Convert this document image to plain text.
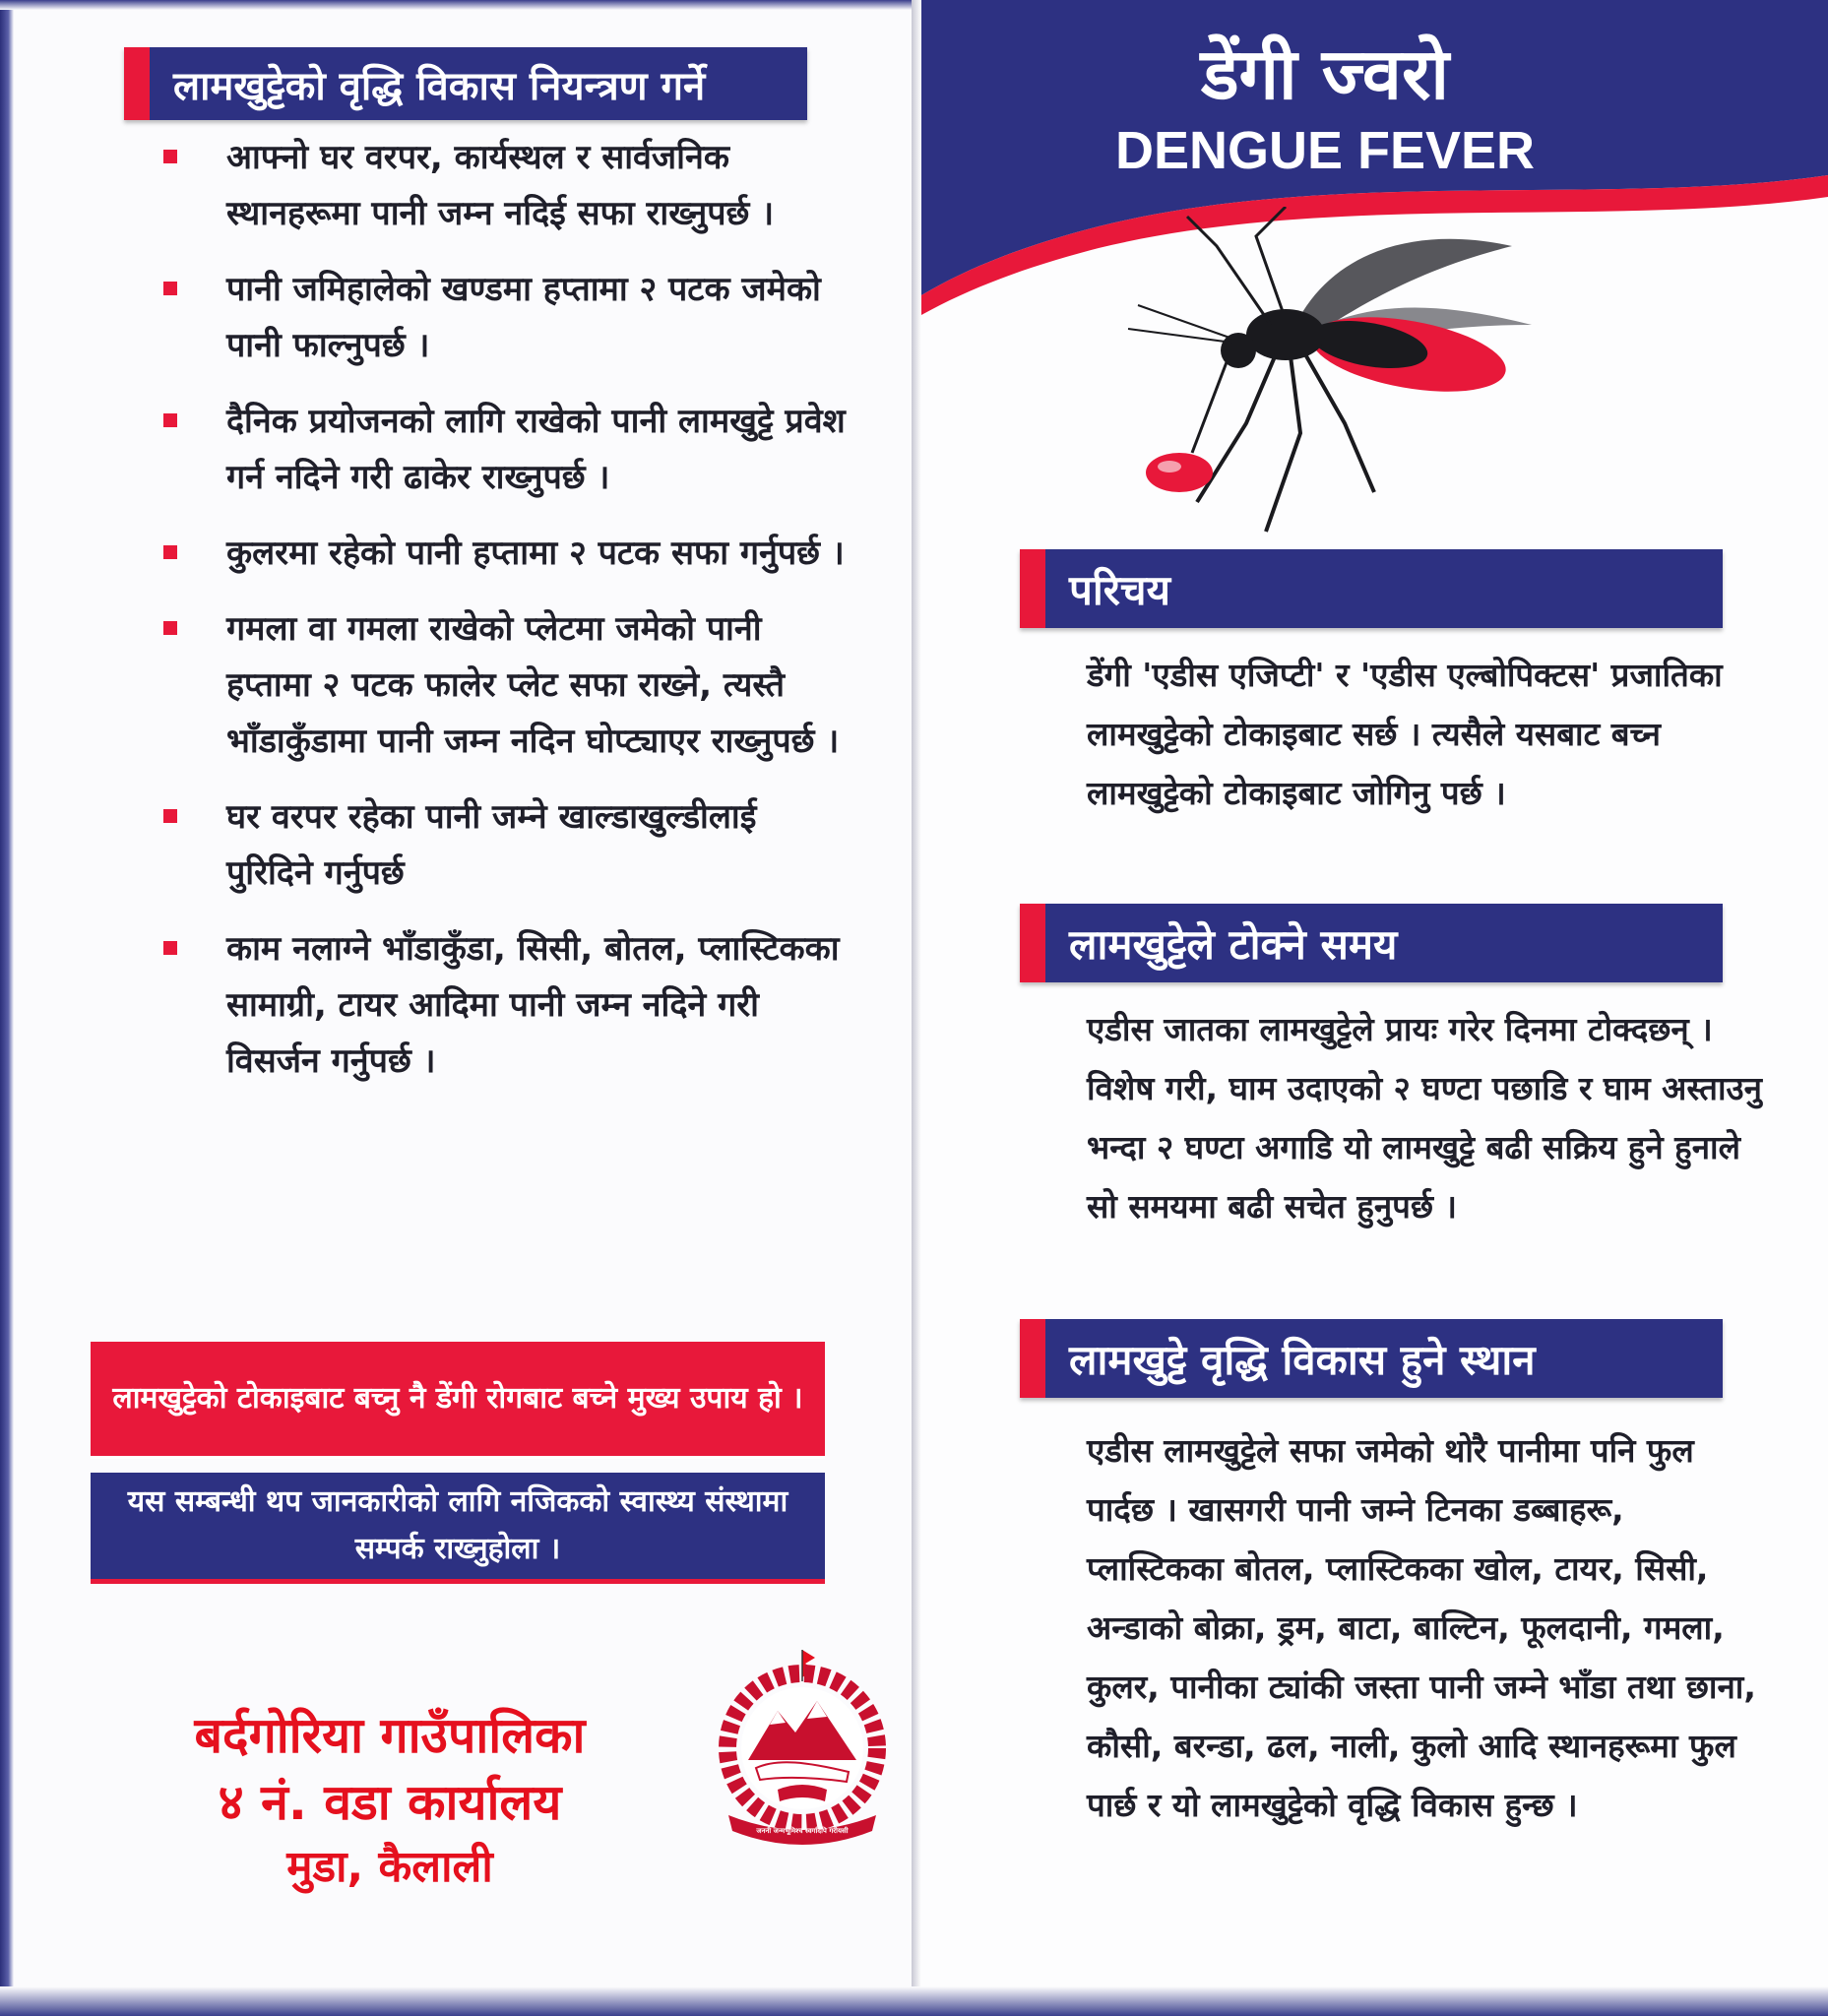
लामखुट्टेको वृद्धि विकास नियन्त्रण गर्ने
आफ्नो घर वरपर, कार्यस्थल र सार्वजनिक स्थानहरूमा पानी जम्न नदिई सफा राख्नुपर्छ ।
पानी जमिहालेको खण्डमा हप्तामा २ पटक जमेको पानी फाल्नुपर्छ ।
दैनिक प्रयोजनको लागि राखेको पानी लामखुट्टे प्रवेश गर्न नदिने गरी ढाकेर राख्नुपर्छ ।
कुलरमा रहेको पानी हप्तामा २ पटक सफा गर्नुपर्छ ।
गमला वा गमला राखेको प्लेटमा जमेको पानी हप्तामा २ पटक फालेर प्लेट सफा राख्ने, त्यस्तै भाँडाकुँडामा पानी जम्न नदिन घोप्ट्याएर राख्नुपर्छ ।
घर वरपर रहेका पानी जम्ने खाल्डाखुल्डीलाई पुरिदिने गर्नुपर्छ
काम नलाग्ने भाँडाकुँडा, सिसी, बोतल, प्लास्टिकका सामाग्री, टायर आदिमा पानी जम्न नदिने गरी विसर्जन गर्नुपर्छ ।
लामखुट्टेको टोकाइबाट बच्नु नै डेंगी रोगबाट बच्ने मुख्य उपाय हो ।
यस सम्बन्धी थप जानकारीको लागि नजिकको स्वास्थ्य संस्थामा सम्पर्क राख्नुहोला ।
बर्दगोरिया गाउँपालिका
४ नं. वडा कार्यालय
मुडा, कैलाली
जननी जन्मभूमिश्च स्वर्गादपि गरीयसी
डेंगी ज्वरो
DENGUE FEVER
परिचय

डेंगी 'एडीस एजिप्टी' र 'एडीस एल्बोपिक्टस' प्रजातिका लामखुट्टेको टोकाइबाट सर्छ । त्यसैले यसबाट बच्न लामखुट्टेको टोकाइबाट जोगिनु पर्छ ।

लामखुट्टेले टोक्ने समय

एडीस जातका लामखुट्टेले प्रायः गरेर दिनमा टोक्दछन् । विशेष गरी, घाम उदाएको २ घण्टा पछाडि र घाम अस्ताउनु भन्दा २ घण्टा अगाडि यो लामखुट्टे बढी सक्रिय हुने हुनाले सो समयमा बढी सचेत हुनुपर्छ ।

लामखुट्टे वृद्धि विकास हुने स्थान

एडीस लामखुट्टेले सफा जमेको थोरै पानीमा पनि फुल पार्दछ । खासगरी पानी जम्ने टिनका डब्बाहरू, प्लास्टिकका बोतल, प्लास्टिकका खोल, टायर, सिसी, अन्डाको बोक्रा, ड्रम, बाटा, बाल्टिन, फूलदानी, गमला, कुलर, पानीका ट्यांकी जस्ता पानी जम्ने भाँडा तथा छाना, कौसी, बरन्डा, ढल, नाली, कुलो आदि स्थानहरूमा फुल पार्छ र यो लामखुट्टेको वृद्धि विकास हुन्छ ।
